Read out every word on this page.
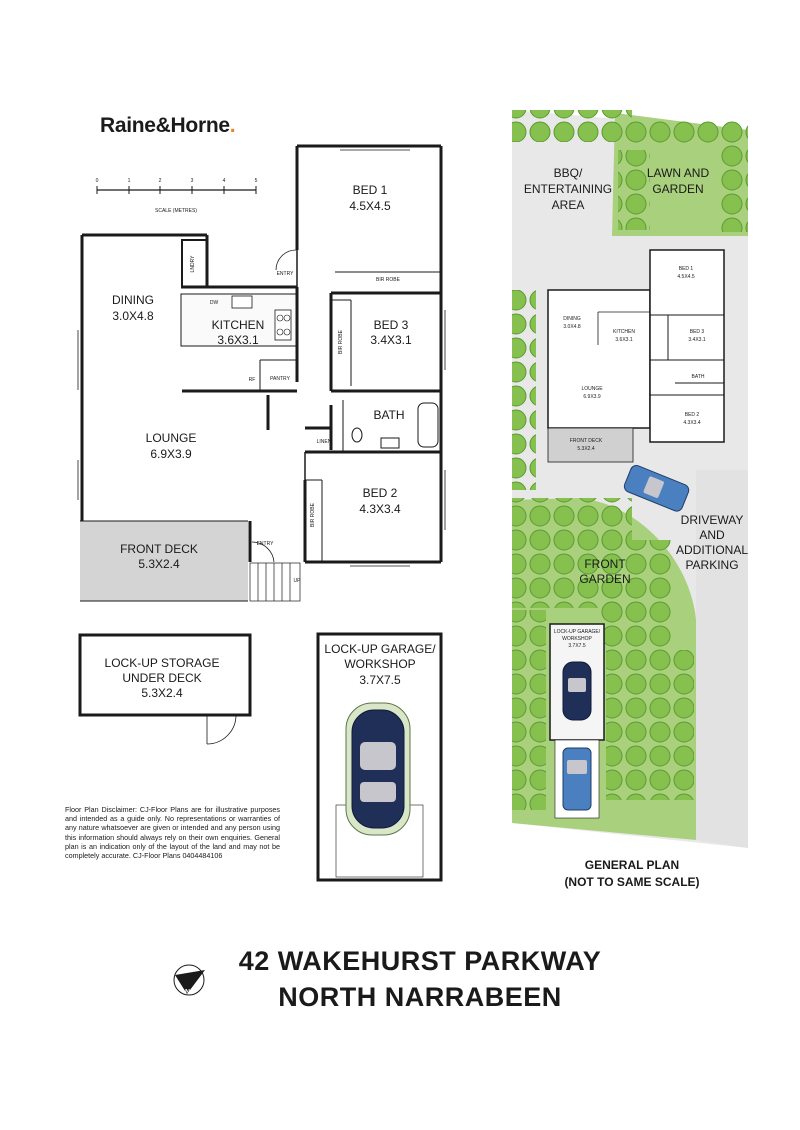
Raine&Horne.
0	1	2	3	4	5
SCALE (METRES)
BED 1
4.5X4.5
DINING
3.0X4.8
KITCHEN
3.6X3.1
BED 3
3.4X3.1
LOUNGE
6.9X3.9
BATH
BED 2
4.3X3.4
FRONT DECK
5.3X2.4
LNDRY
DW
RF	PANTRY
ENTRY
BIR ROBE
BIR ROBE
LINEN
BIR ROBE
ENTRY
UP
LOCK-UP STORAGE
UNDER DECK
5.3X2.4
LOCK-UP GARAGE/
WORKSHOP
3.7X7.5
BED 1
4.5X4.5
DINING
3.0X4.8
KITCHEN
3.6X3.1
BED 3
3.4X3.1
LOUNGE
6.9X3.9
BATH
BED 2
4.3X3.4
FRONT DECK
5.3X2.4
LOCK-UP GARAGE/
WORKSHOP
3.7X7.5
BBQ/
ENTERTAINING
AREA
LAWN AND
GARDEN
DRIVEWAY
AND
ADDITIONAL
PARKING
FRONT
GARDEN
GENERAL PLAN
(NOT TO SAME SCALE)
N
Floor Plan Disclaimer: CJ-Floor Plans are for illustrative purposes and intended as a guide only. No representations or warranties of any nature whatsoever are given or intended and any person using this information should always rely on their own enquiries. General plan is an indication only of the layout of the land and may not be completely accurate. CJ-Floor Plans 0404484106
42 WAKEHURST PARKWAY
NORTH NARRABEEN
